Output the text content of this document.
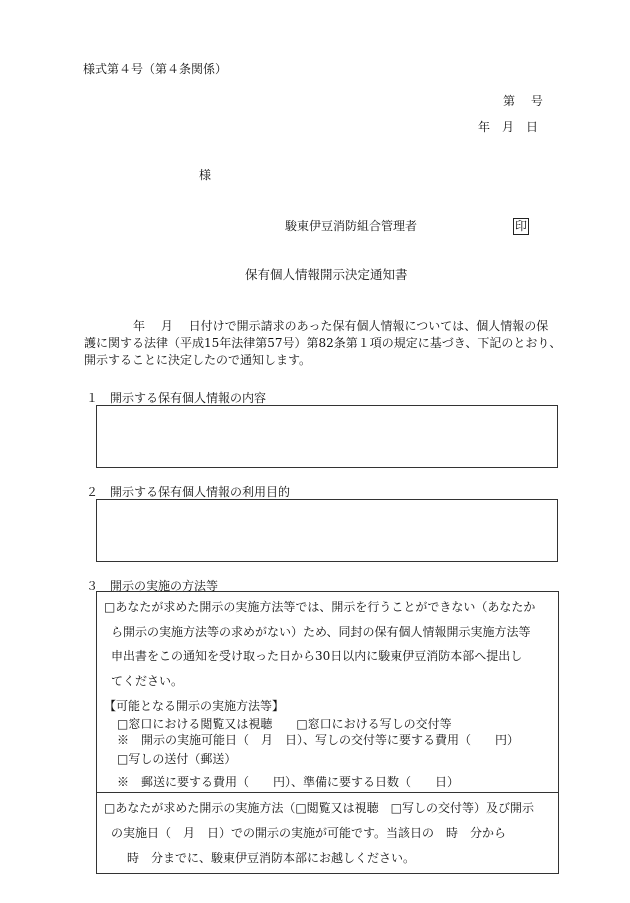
様式第４号（第４条関係）
第　 号
年　月　日
様
駿東伊豆消防組合管理者	印
保有個人情報開示決定通知書
年　 月　 日付けで開示請求のあった保有個人情報については、個人情報の保
護に関する法律（平成15年法律第57号）第82条第１項の規定に基づき、下記のとおり、
開示することに決定したので通知します。
１　開示する保有個人情報の内容
２　開示する保有個人情報の利用目的
３　開示の実施の方法等
□あなたが求めた開示の実施方法等では、開示を行うことができない（あなたか
ら開示の実施方法等の求めがない）ため、同封の保有個人情報開示実施方法等
申出書をこの通知を受け取った日から30日以内に駿東伊豆消防本部へ提出し
てください。
【可能となる開示の実施方法等】
□窓口における閲覧又は視聴　　□窓口における写しの交付等
※　開示の実施可能日（　月　日）、写しの交付等に要する費用（　　円）
□写しの送付（郵送）
※　郵送に要する費用（　　円）、準備に要する日数（　　日）
□あなたが求めた開示の実施方法（□閲覧又は視聴　□写しの交付等）及び開示
の実施日（　月　日）での開示の実施が可能です。当該日の　時　分から
時　分までに、駿東伊豆消防本部にお越しください。
